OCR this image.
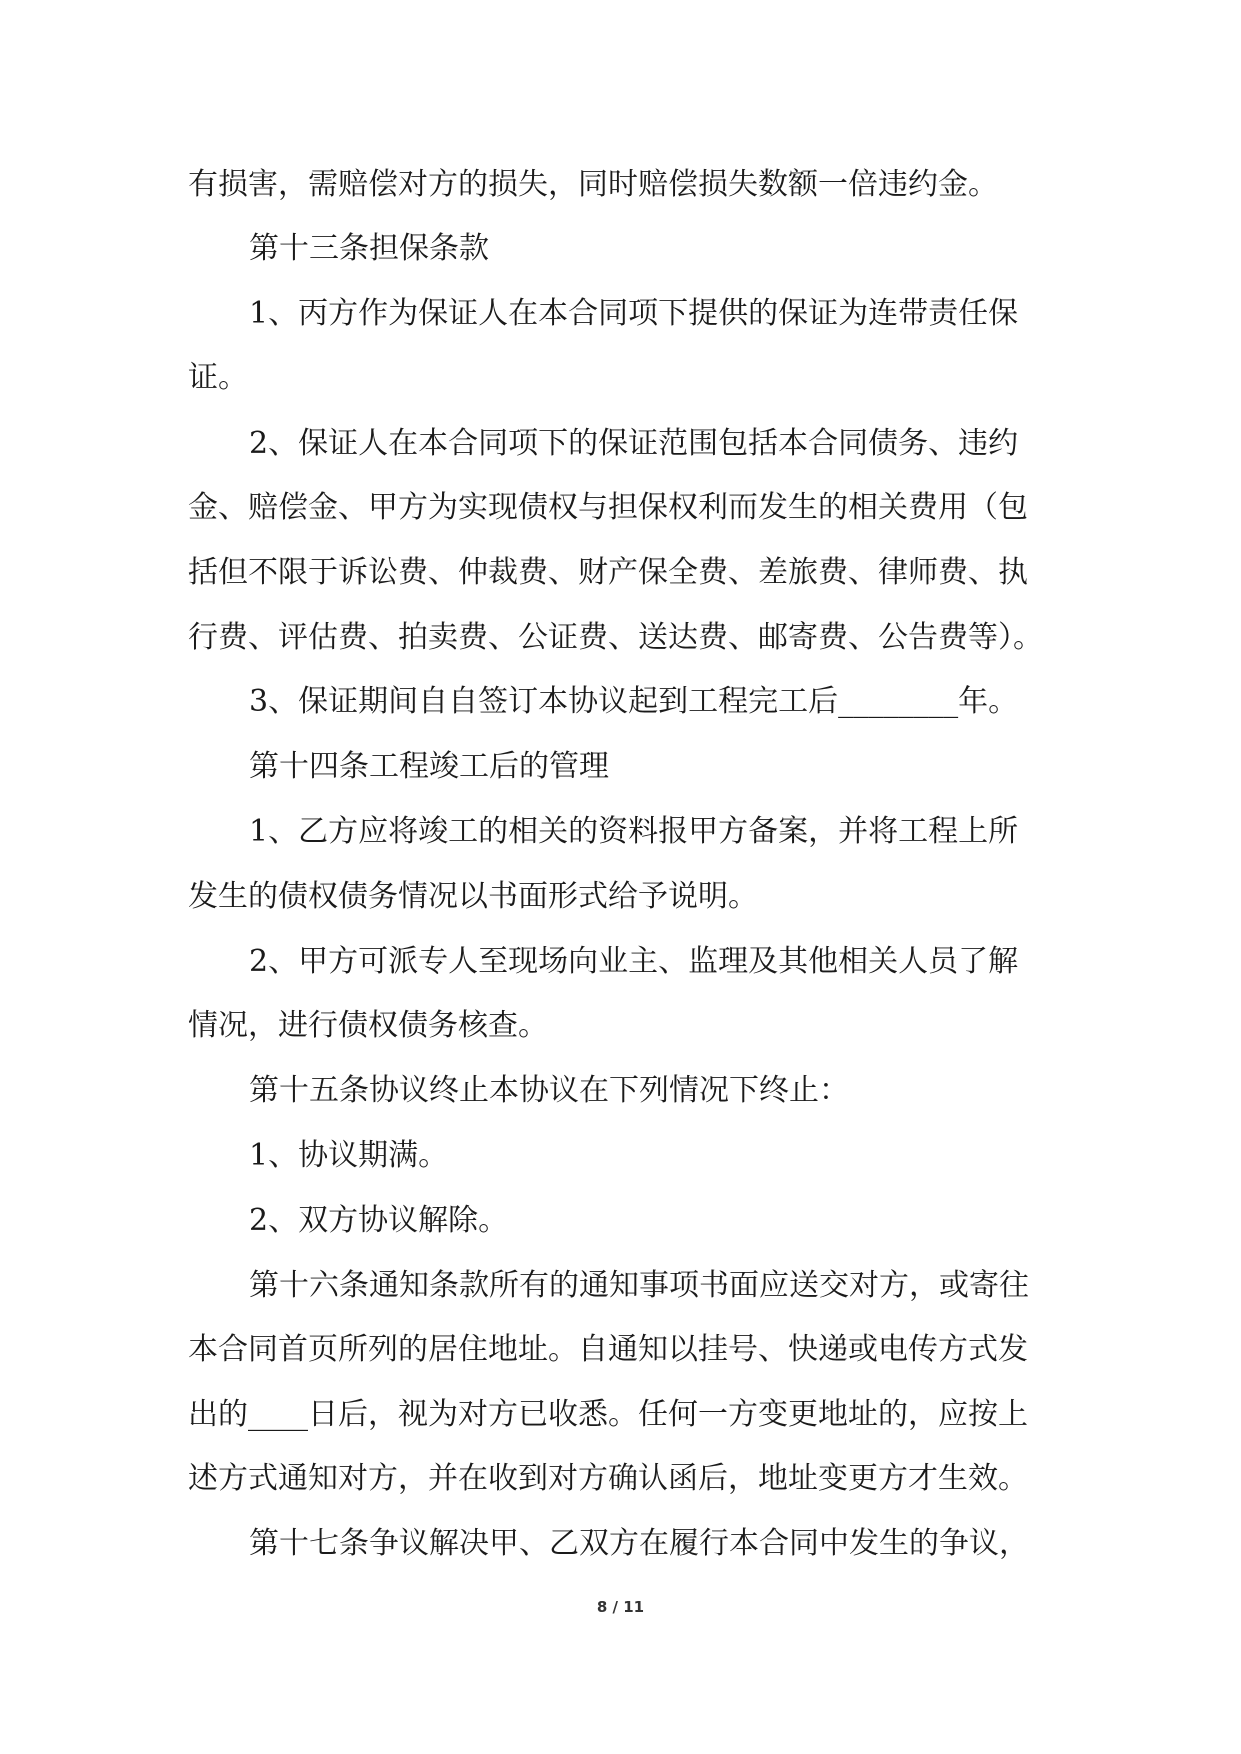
有损害，需赔偿对方的损失，同时赔偿损失数额一倍违约金。
第十三条担保条款
1、丙方作为保证人在本合同项下提供的保证为连带责任保
证。
2、保证人在本合同项下的保证范围包括本合同债务、违约
金、赔偿金、甲方为实现债权与担保权利而发生的相关费用（包
括但不限于诉讼费、仲裁费、财产保全费、差旅费、律师费、执
行费、评估费、拍卖费、公证费、送达费、邮寄费、公告费等）。
3、保证期间自自签订本协议起到工程完工后________年。
第十四条工程竣工后的管理
1、乙方应将竣工的相关的资料报甲方备案，并将工程上所
发生的债权债务情况以书面形式给予说明。
2、甲方可派专人至现场向业主、监理及其他相关人员了解
情况，进行债权债务核查。
第十五条协议终止本协议在下列情况下终止：
1、协议期满。
2、双方协议解除。
第十六条通知条款所有的通知事项书面应送交对方，或寄往
本合同首页所列的居住地址。自通知以挂号、快递或电传方式发
出的____日后，视为对方已收悉。任何一方变更地址的，应按上
述方式通知对方，并在收到对方确认函后，地址变更方才生效。
第十七条争议解决甲、乙双方在履行本合同中发生的争议，
8 / 11
